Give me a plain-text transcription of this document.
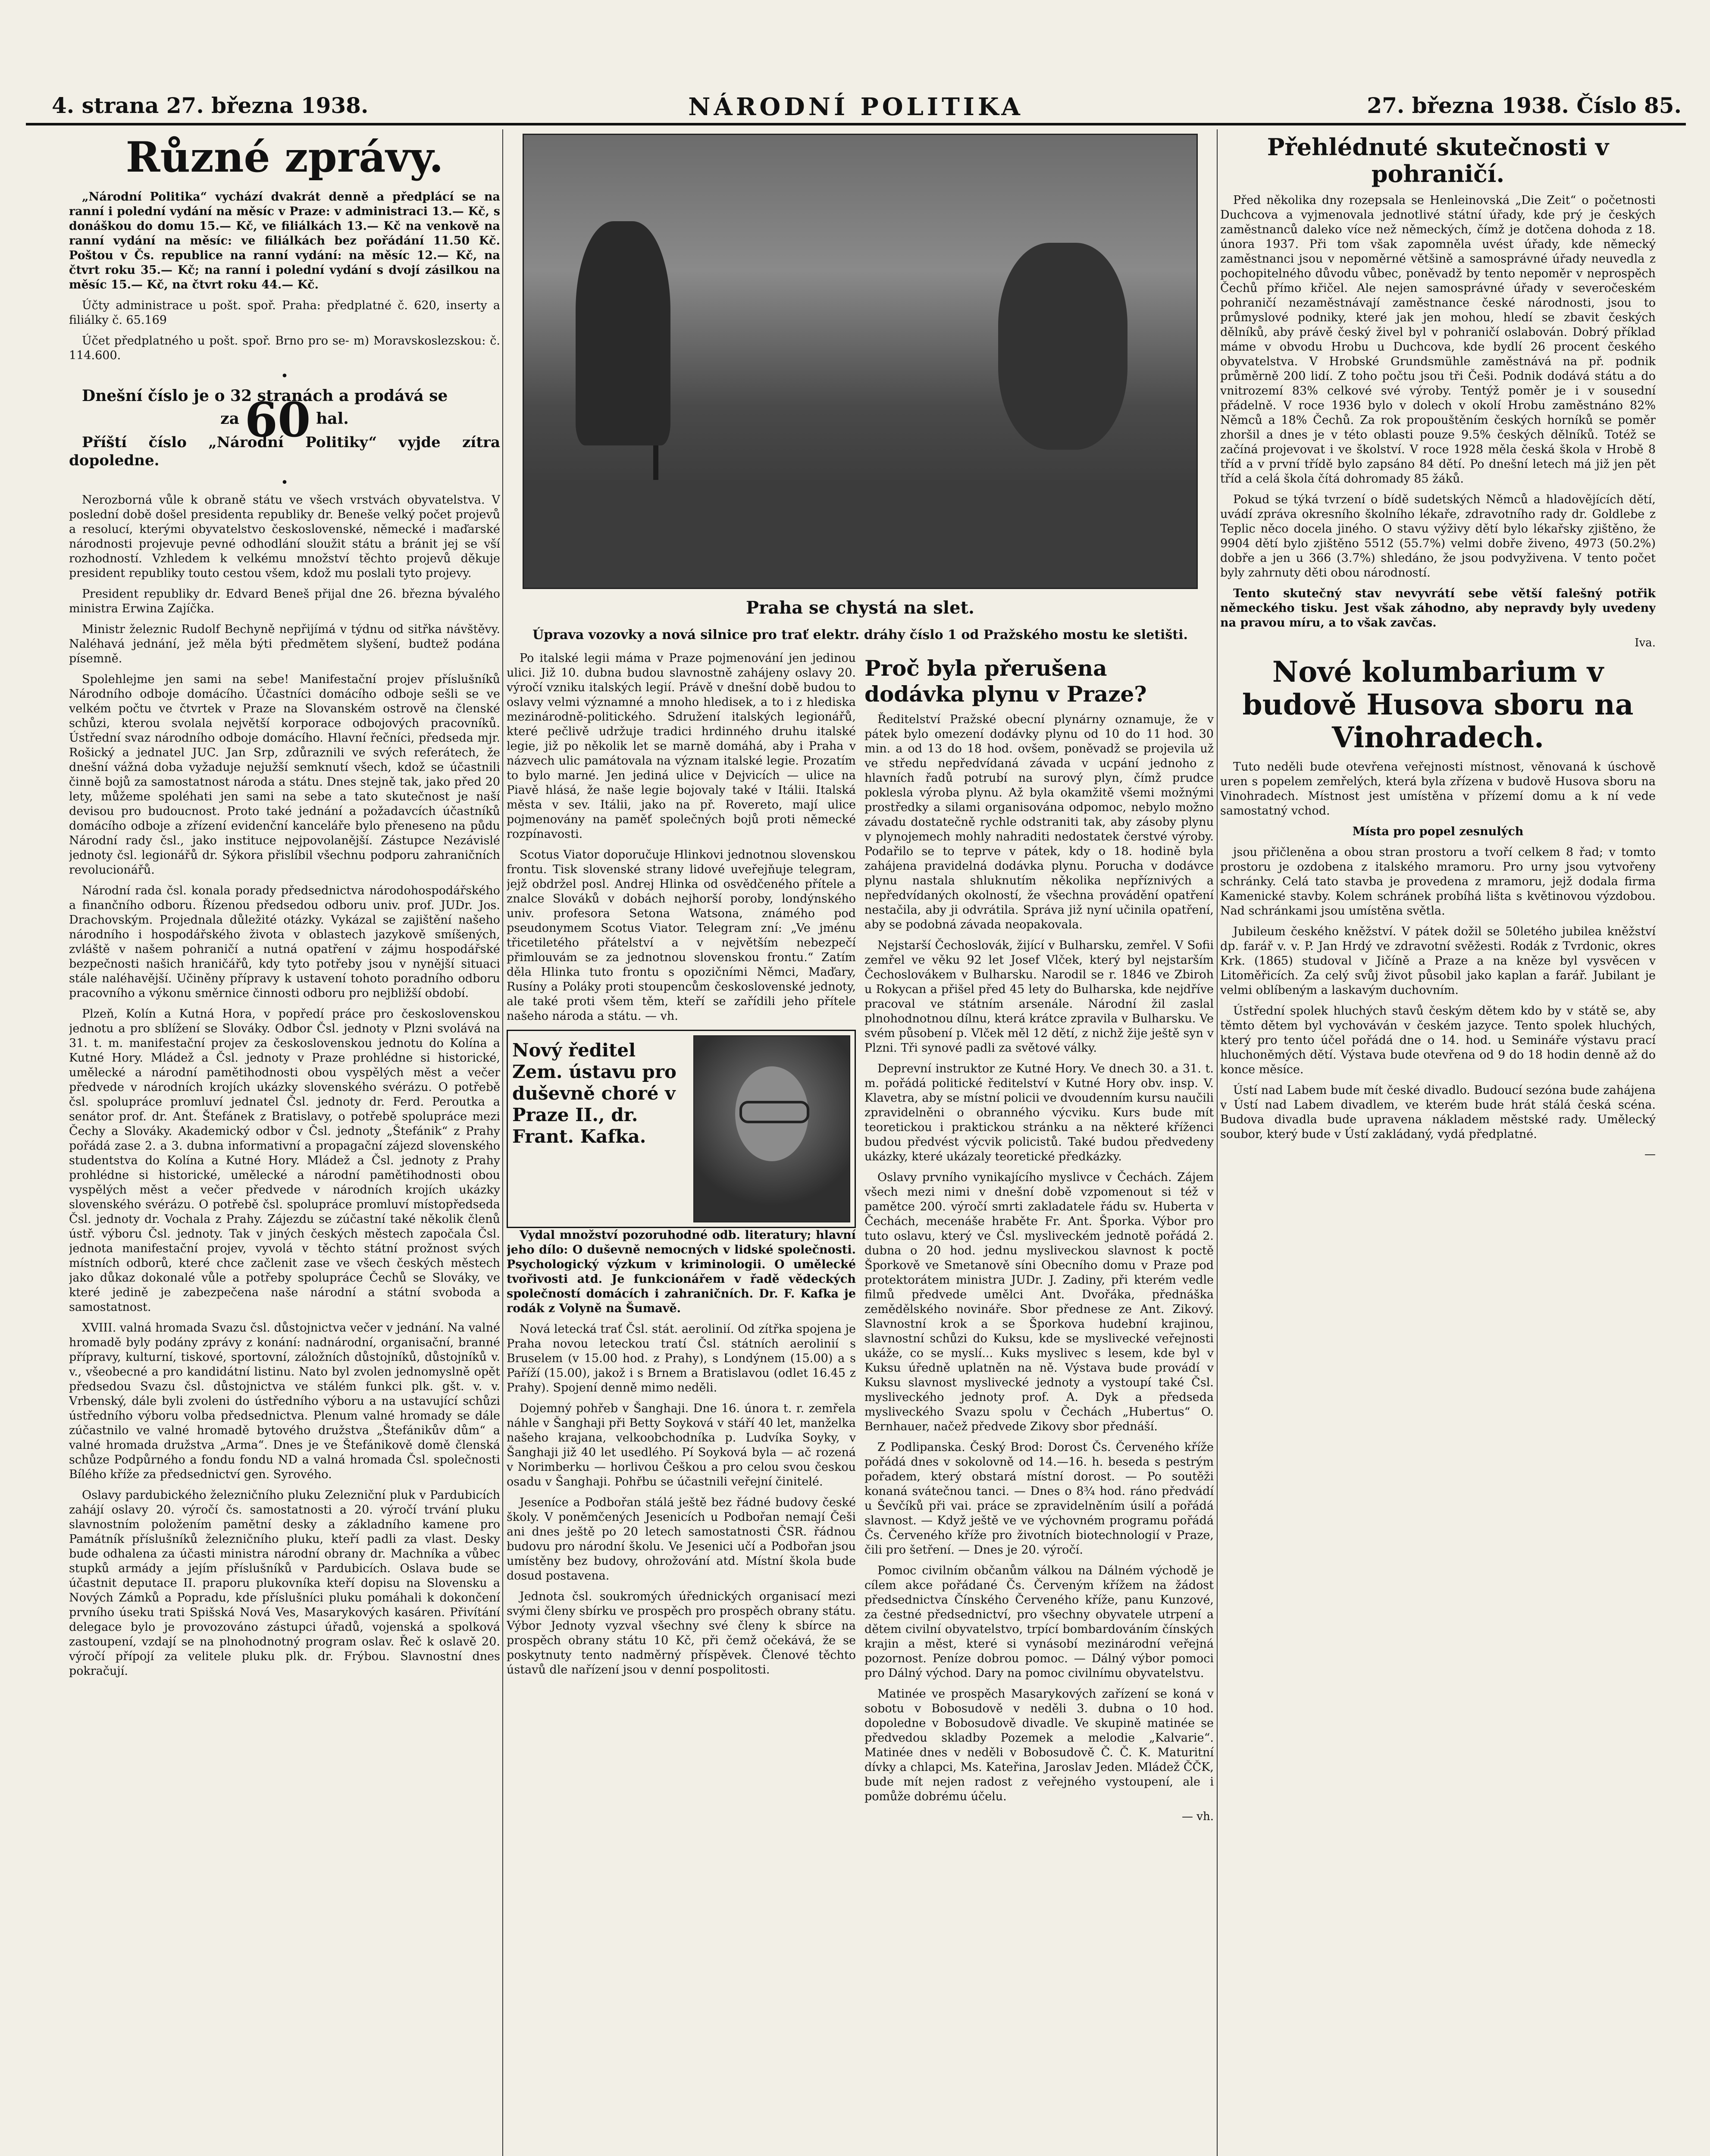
4. strana 27. března 1938.	NÁRODNÍ POLITIKA	27. března 1938. Číslo 85.
Různé zprávy.

„Národní Politika“ vychází dvakrát denně a předplácí se na ranní i polední vydání na měsíc v Praze: v administraci 13.— Kč, s donáškou do domu 15.— Kč, ve filiálkách 13.— Kč na venkově na ranní vydání na měsíc: ve filiálkách bez pořádání 11.50 Kč. Poštou v Čs. republice na ranní vydání: na měsíc 12.— Kč, na čtvrt roku 35.— Kč; na ranní i polední vydání s dvojí zásilkou na měsíc 15.— Kč, na čtvrt roku 44.— Kč.

Účty administrace u pošt. spoř. Praha: předplatné č. 620, inserty a filiálky č. 65.169

Účet předplatného u pošt. spoř. Brno pro se- m) Moravskoslezskou: č. 114.600.

•

Dnešní číslo je o 32 stranách a prodává se

za 60 hal.

Příští číslo „Národní Politiky“ vyjde zítra dopoledne.

•

Nerozborná vůle k obraně státu ve všech vrstvách obyvatelstva. V poslední době došel presidenta republiky dr. Beneše velký počet projevů a resolucí, kterými obyvatelstvo československé, německé i maďarské národnosti projevuje pevné odhodlání sloužit státu a bránit jej se vší rozhodností. Vzhledem k velkému množství těchto projevů děkuje president republiky touto cestou všem, kdož mu poslali tyto projevy.

President republiky dr. Edvard Beneš přijal dne 26. března bývalého ministra Erwina Zajíčka.

Ministr železnic Rudolf Bechyně nepřijímá v týdnu od sitřka návštěvy. Naléhavá jednání, jež měla býti předmětem slyšení, budtež podána písemně.

Spolehlejme jen sami na sebe! Manifestační projev příslušníků Národního odboje domácího. Účastníci domácího odboje sešli se ve velkém počtu ve čtvrtek v Praze na Slovanském ostrově na členské schůzi, kterou svolala největší korporace odbojových pracovníků. Ústřední svaz národního odboje domácího. Hlavní řečníci, předseda mjr. Rošický a jednatel JUC. Jan Srp, zdůraznili ve svých referátech, že dnešní vážná doba vyžaduje nejužší semknutí všech, kdož se účastnili činně bojů za samostatnost národa a státu. Dnes stejně tak, jako před 20 lety, můžeme spoléhati jen sami na sebe a tato skutečnost je naší devisou pro budoucnost. Proto také jednání a požadavcích účastníků domácího odboje a zřízení evidenční kanceláře bylo přeneseno na půdu Národní rady čsl., jako instituce nejpovolanější. Zástupce Nezávislé jednoty čsl. legionářů dr. Sýkora přislíbil všechnu podporu zahraničních revolucionářů.

Národní rada čsl. konala porady předsednictva národohospodářského a finančního odboru. Řízenou předsedou odboru univ. prof. JUDr. Jos. Drachovským. Projednala důležité otázky. Vykázal se zajištění našeho národního i hospodářského života v oblastech jazykově smíšených, zvláště v našem pohraničí a nutná opatření v zájmu hospodářské bezpečnosti našich hraničářů, kdy tyto potřeby jsou v nynější situaci stále naléhavější. Učiněny přípravy k ustavení tohoto poradního odboru pracovního a výkonu směrnice činnosti odboru pro nejbližší období.

Plzeň, Kolín a Kutná Hora, v popředí práce pro československou jednotu a pro sblížení se Slováky. Odbor Čsl. jednoty v Plzni svolává na 31. t. m. manifestační projev za československou jednotu do Kolína a Kutné Hory. Mládež a Čsl. jednoty v Praze prohlédne si historické, umělecké a národní pamětihodnosti obou vyspělých měst a večer předvede v národních krojích ukázky slovenského svérázu. O potřebě čsl. spolupráce promluví jednatel Čsl. jednoty dr. Ferd. Peroutka a senátor prof. dr. Ant. Štefánek z Bratislavy, o potřebě spolupráce mezi Čechy a Slováky. Akademický odbor v Čsl. jednoty „Štefánik“ z Prahy pořádá zase 2. a 3. dubna informativní a propagační zájezd slovenského studentstva do Kolína a Kutné Hory. Mládež a Čsl. jednoty z Prahy prohlédne si historické, umělecké a národní pamětihodnosti obou vyspělých měst a večer předvede v národních krojích ukázky slovenského svérázu. O potřebě čsl. spolupráce promluví místopředseda Čsl. jednoty dr. Vochala z Prahy. Zájezdu se zúčastní také několik členů ústř. výboru Čsl. jednoty. Tak v jiných českých městech započala Čsl. jednota manifestační projev, vyvolá v těchto státní prožnost svých místních odborů, které chce začlenit zase ve všech českých městech jako důkaz dokonalé vůle a potřeby spolupráce Čechů se Slováky, ve které jedině je zabezpečena naše národní a státní svoboda a samostatnost.

XVIII. valná hromada Svazu čsl. důstojnictva večer v jednání. Na valné hromadě byly podány zprávy z konání: nadnárodní, organisační, branné přípravy, kulturní, tiskové, sportovní, záložních důstojníků, důstojníků v. v., všeobecné a pro kandidátní listinu. Nato byl zvolen jednomyslně opět předsedou Svazu čsl. důstojnictva ve stálém funkci plk. gšt. v. v. Vrbenský, dále byli zvoleni do ústředního výboru a na ustavující schůzi ústředního výboru volba předsednictva. Plenum valné hromady se dále zúčastnilo ve valné hromadě bytového družstva „Štefánikův dům“ a valné hromada družstva „Arma“. Dnes je ve Štefánikově domě členská schůze Podpůrného a fondu fondu ND a valná hromada Čsl. společnosti Bílého kříže za předsednictví gen. Syrového.

Oslavy pardubického železničního pluku Zelezniční pluk v Pardubicích zahájí oslavy 20. výročí čs. samostatnosti a 20. výročí trvání pluku slavnostním položením pamětní desky a základního kamene pro Památník příslušníků železničního pluku, kteří padli za vlast. Desky bude odhalena za účasti ministra národní obrany dr. Machníka a vůbec stupků armády a jejím příslušníků v Pardubicích. Oslava bude se účastnit deputace II. praporu plukovníka kteří dopisu na Slovensku a Nových Zámků a Popradu, kde příslušníci pluku pomáhali k dokončení prvního úseku trati Spišská Nová Ves, Masarykových kasáren. Přivítání delegace bylo je provozováno zástupci úřadů, vojenská a spolková zastoupení, vzdají se na plnohodnotný program oslav. Řeč k oslavě 20. výročí přípojí za velitele pluku plk. dr. Frýbou. Slavnostní dnes pokračují.

Praha se chystá na slet.

Úprava vozovky a nová silnice pro trať elektr. dráhy číslo 1 od Pražského mostu ke sletišti.

Po italské legii máma v Praze pojmenování jen jedinou ulici. Již 10. dubna budou slavnostně zahájeny oslavy 20. výročí vzniku italských legií. Právě v dnešní době budou to oslavy velmi významné a mnoho hledisek, a to i z hlediska mezinárodně-politického. Sdružení italských legionářů, které pečlivě udržuje tradici hrdinného druhu italské legie, již po několik let se marně domáhá, aby i Praha v názvech ulic památovala na význam italské legie. Prozatím to bylo marné. Jen jediná ulice v Dejvicích — ulice na Piavě hlásá, že naše legie bojovaly také v Itálii. Italská města v sev. Itálii, jako na př. Rovereto, mají ulice pojmenovány na paměť společných bojů proti německé rozpínavosti.

Scotus Viator doporučuje Hlinkovi jednotnou slovenskou frontu. Tisk slovenské strany lidové uveřejňuje telegram, jejž obdržel posl. Andrej Hlinka od osvědčeného přítele a znalce Slováků v dobách nejhorší poroby, londýnského univ. profesora Setona Watsona, známého pod pseudonymem Scotus Viator. Telegram zní: „Ve jménu třicetiletého přátelství a v největším nebezpečí přimlouvám se za jednotnou slovenskou frontu.“ Zatím děla Hlinka tuto frontu s opozičními Němci, Maďary, Rusíny a Poláky proti stoupencům československé jednoty, ale také proti všem těm, kteří se zařídili jeho přítele našeho národa a státu. — vh.

Nový ředitel Zem. ústavu pro duševně choré v Praze II., dr. Frant. Kafka.

Vydal množství pozoruhodné odb. literatury; hlavní jeho dílo: O duševně nemocných v lidské společnosti. Psychologický výzkum v kriminologii. O umělecké tvořivosti atd. Je funkcionářem v řadě vědeckých společností domácích i zahraničních. Dr. F. Kafka je rodák z Volyně na Šumavě.

Nová letecká trať Čsl. stát. aerolinií. Od zítřka spojena je Praha novou leteckou tratí Čsl. státních aerolinií s Bruselem (v 15.00 hod. z Prahy), s Londýnem (15.00) a s Paříží (15.00), jakož i s Brnem a Bratislavou (odlet 16.45 z Prahy). Spojení denně mimo neděli.

Dojemný pohřeb v Šanghaji. Dne 16. února t. r. zemřela náhle v Šanghaji při Betty Soyková v stáří 40 let, manželka našeho krajana, velkoobchodníka p. Ludvíka Soyky, v Šanghaji již 40 let usedlého. Pí Soyková byla — ač rozená v Norimberku — horlivou Češkou a pro celou svou českou osadu v Šanghaji. Pohřbu se účastnili veřejní činitelé.

Jeseníce a Podbořan stálá ještě bez řádné budovy české školy. V poněmčených Jesenicích u Podbořan nemají Češi ani dnes ještě po 20 letech samostatnosti ČSR. řádnou budovu pro národní školu. Ve Jesenici učí a Podbořan jsou umístěny bez budovy, ohrožování atd. Místní škola bude dosud postavena.

Jednota čsl. soukromých úřednických organisací mezi svými členy sbírku ve prospěch pro prospěch obrany státu. Výbor Jednoty vyzval všechny své členy k sbírce na prospěch obrany státu 10 Kč, při čemž očekává, že se poskytnuty tento nadměrný příspěvek. Členové těchto ústavů dle nařízení jsou v denní pospolitosti.

Proč byla přerušena dodávka plynu v Praze?

Ředitelství Pražské obecní plynárny oznamuje, že v pátek bylo omezení dodávky plynu od 10 do 11 hod. 30 min. a od 13 do 18 hod. ovšem, poněvadž se projevila už ve středu nepředvídaná závada v ucpání jednoho z hlavních řadů potrubí na surový plyn, čímž prudce poklesla výroba plynu. Až byla okamžitě všemi možnými prostředky a silami organisována odpomoc, nebylo možno závadu dostatečně rychle odstraniti tak, aby zásoby plynu v plynojemech mohly nahraditi nedostatek čerstvé výroby. Podařilo se to teprve v pátek, kdy o 18. hodině byla zahájena pravidelná dodávka plynu. Porucha v dodávce plynu nastala shluknutím několika nepříznivých a nepředvídaných okolností, že všechna provádění opatření nestačila, aby ji odvrátila. Správa již nyní učinila opatření, aby se podobná závada neopakovala.

Nejstarší Čechoslovák, žijící v Bulharsku, zemřel. V Sofii zemřel ve věku 92 let Josef Vlček, který byl nejstarším Čechoslovákem v Bulharsku. Narodil se r. 1846 ve Zbiroh u Rokycan a přišel před 45 lety do Bulharska, kde nejdříve pracoval ve státním arsenále. Národní žil zaslal plnohodnotnou dílnu, která krátce zpravila v Bulharsku. Ve svém působení p. Vlček měl 12 dětí, z nichž žije ještě syn v Plzni. Tři synové padli za světové války.

Deprevní instruktor ze Kutné Hory. Ve dnech 30. a 31. t. m. pořádá politické ředitelství v Kutné Hory obv. insp. V. Klavetra, aby se místní policii ve dvoudenním kursu naučili zpravidelněni o obranného výcviku. Kurs bude mít teoretickou i praktickou stránku a na některé kříženci budou předvést výcvik policistů. Také budou předvedeny ukázky, které ukázaly teoretické předkázky.

Oslavy prvního vynikajícího myslivce v Čechách. Zájem všech mezi nimi v dnešní době vzpomenout si též v pamětce 200. výročí smrti zakladatele řádu sv. Huberta v Čechách, mecenáše hraběte Fr. Ant. Šporka. Výbor pro tuto oslavu, který ve Čsl. mysliveckém jednotě pořádá 2. dubna o 20 hod. jednu mysliveckou slavnost k poctě Šporkově ve Smetanově síni Obecního domu v Praze pod protektorátem ministra JUDr. J. Zadiny, při kterém vedle filmů předvede umělci Ant. Dvořáka, přednáška zemědělského novináře. Sbor přednese ze Ant. Zikový. Slavnostní krok a se Šporkova hudební krajinou, slavnostní schůzi do Kuksu, kde se myslivecké veřejnosti ukáže, co se myslí... Kuks myslivec s lesem, kde byl v Kuksu úředně uplatněn na ně. Výstava bude provádí v Kuksu slavnost myslivecké jednoty a vystoupí také Čsl. mysliveckého jednoty prof. A. Dyk a předseda mysliveckého Svazu spolu v Čechách „Hubertus“ O. Bernhauer, načež předvede Zikovy sbor přednáší.

Z Podlipanska. Český Brod: Dorost Čs. Červeného kříže pořádá dnes v sokolovně od 14.—16. h. beseda s pestrým pořadem, který obstará místní dorost. — Po soutěži konaná svátečnou tanci. — Dnes o 8¾ hod. ráno předvádí u Ševčíků při vai. práce se zpravidelněním úsilí a pořádá slavnost. — Když ještě ve ve výchovném programu pořádá Čs. Červeného kříže pro životních biotechnologií v Praze, čili pro šetření. — Dnes je 20. výročí.

Pomoc civilním občanům válkou na Dálném východě je cílem akce pořádané Čs. Červeným křížem na žádost předsednictva Čínského Červeného kříže, panu Kunzové, za čestné předsednictví, pro všechny obyvatele utrpení a dětem civilní obyvatelstvo, trpící bombardováním čínských krajin a měst, které si vynásobí mezinárodní veřejná pozornost. Peníze dobrou pomoc. — Dálný výbor pomoci pro Dálný východ. Dary na pomoc civilnímu obyvatelstvu.

Matinée ve prospěch Masarykových zařízení se koná v sobotu v Bobosudově v neděli 3. dubna o 10 hod. dopoledne v Bobosudově divadle. Ve skupině matinée se předvedou skladby Pozemek a melodie „Kalvarie“. Matinée dnes v neděli v Bobosudově Č. Č. K. Maturitní dívky a chlapci, Ms. Kateřina, Jaroslav Jeden. Mládež ČČK, bude mít nejen radost z veřejného vystoupení, ale i pomůže dobrému účelu.

— vh.
Přehlédnuté skutečnosti v pohraničí.

Před několika dny rozepsala se Henleinovská „Die Zeit“ o početnosti Duchcova a vyjmenovala jednotlivé státní úřady, kde prý je českých zaměstnanců daleko více než německých, čímž je dotčena dohoda z 18. února 1937. Při tom však zapomněla uvést úřady, kde německý zaměstnanci jsou v nepoměrné většině a samosprávné úřady neuvedla z pochopitelného důvodu vůbec, poněvadž by tento nepoměr v neprospěch Čechů přímo křičel. Ale nejen samosprávné úřady v severočeském pohraničí nezaměstnávají zaměstnance české národnosti, jsou to průmyslové podniky, které jak jen mohou, hledí se zbavit českých dělníků, aby právě český živel byl v pohraničí oslabován. Dobrý příklad máme v obvodu Hrobu u Duchcova, kde bydlí 26 procent českého obyvatelstva. V Hrobské Grundsmühle zaměstnává na př. podnik průměrně 200 lidí. Z toho počtu jsou tři Češi. Podnik dodává státu a do vnitrozemí 83% celkové své výroby. Tentýž poměr je i v sousední přádelně. V roce 1936 bylo v dolech v okolí Hrobu zaměstnáno 82% Němců a 18% Čechů. Za rok propouštěním českých horníků se poměr zhoršil a dnes je v této oblasti pouze 9.5% českých dělníků. Totéž se začíná projevovat i ve školství. V roce 1928 měla česká škola v Hrobě 8 tříd a v první třídě bylo zapsáno 84 dětí. Po dnešní letech má již jen pět tříd a celá škola čítá dohromady 85 žáků.

Pokud se týká tvrzení o bídě sudetských Němců a hladovějících dětí, uvádí zpráva okresního školního lékaře, zdravotního rady dr. Goldlebe z Teplic něco docela jiného. O stavu výživy dětí bylo lékařsky zjištěno, že 9904 dětí bylo zjištěno 5512 (55.7%) velmi dobře živeno, 4973 (50.2%) dobře a jen u 366 (3.7%) shledáno, že jsou podvyživena. V tento počet byly zahrnuty děti obou národností.

Tento skutečný stav nevyvrátí sebe větší falešný potřik německého tisku. Jest však záhodno, aby nepravdy byly uvedeny na pravou míru, a to však zavčas.

Iva.
Nové kolumbarium v budově Husova sboru na Vinohradech.

Tuto neděli bude otevřena veřejnosti místnost, věnovaná k úschově uren s popelem zemřelých, která byla zřízena v budově Husova sboru na Vinohradech. Místnost jest umístěna v přízemí domu a k ní vede samostatný vchod.

Místa pro popel zesnulých

jsou přičleněna a obou stran prostoru a tvoří celkem 8 řad; v tomto prostoru je ozdobena z italského mramoru. Pro urny jsou vytvořeny schránky. Celá tato stavba je provedena z mramoru, jejž dodala firma Kamenické stavby. Kolem schránek probíhá lišta s květinovou výzdobou. Nad schránkami jsou umístěna světla.

Jubileum českého kněžství. V pátek dožil se 50letého jubilea kněžství dp. farář v. v. P. Jan Hrdý ve zdravotní svěžesti. Rodák z Tvrdonic, okres Krk. (1865) studoval v Jičíně a Praze a na kněze byl vysvěcen v Litoměřicích. Za celý svůj život působil jako kaplan a farář. Jubilant je velmi oblíbeným a laskavým duchovním.

Ústřední spolek hluchých stavů českým dětem kdo by v státě se, aby těmto dětem byl vychováván v českém jazyce. Tento spolek hluchých, který pro tento účel pořádá dne o 14. hod. u Semináře výstavu prací hluchoněmých dětí. Výstava bude otevřena od 9 do 18 hodin denně až do konce měsíce.

Ústí nad Labem bude mít české divadlo. Budoucí sezóna bude zahájena v Ústí nad Labem divadlem, ve kterém bude hrát stálá česká scéna. Budova divadla bude upravena nákladem městské rady. Umělecký soubor, který bude v Ústí zakládaný, vydá předplatné.

—
